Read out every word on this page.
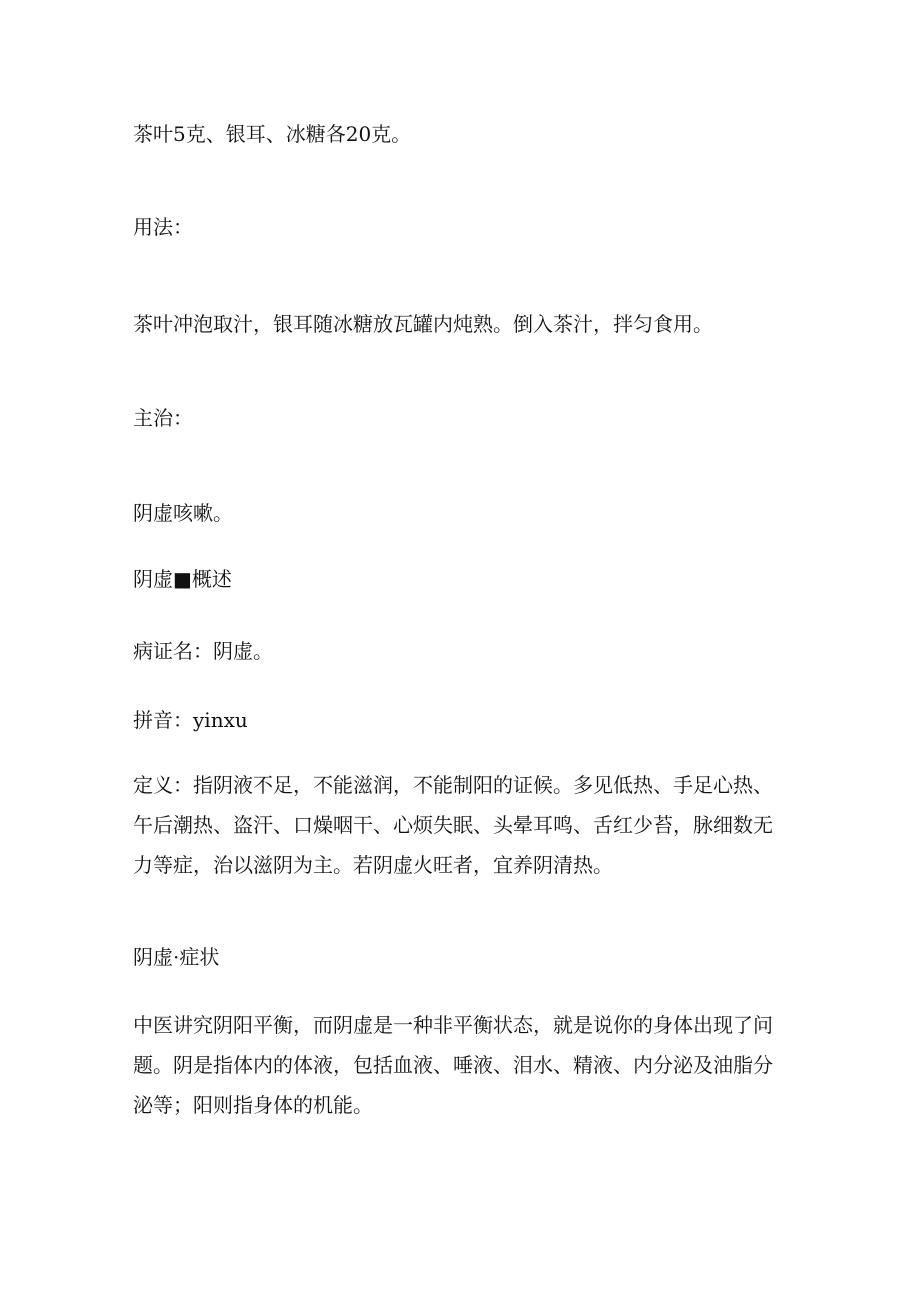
茶叶5克、银耳、冰糖各20克。

用法：

茶叶冲泡取汁，银耳随冰糖放瓦罐内炖熟。倒入茶汁，拌匀食用。

主治：

阴虚咳嗽。

阴虚■概述

病证名：阴虚。

拼音：yinxu

定义：指阴液不足，不能滋润，不能制阳的证候。多见低热、手足心热、午后潮热、盗汗、口燥咽干、心烦失眠、头晕耳鸣、舌红少苔，脉细数无力等症，治以滋阴为主。若阴虚火旺者，宜养阴清热。

阴虚·症状

中医讲究阴阳平衡，而阴虚是一种非平衡状态，就是说你的身体出现了问题。阴是指体内的体液，包括血液、唾液、泪水、精液、内分泌及油脂分泌等；阳则指身体的机能。
